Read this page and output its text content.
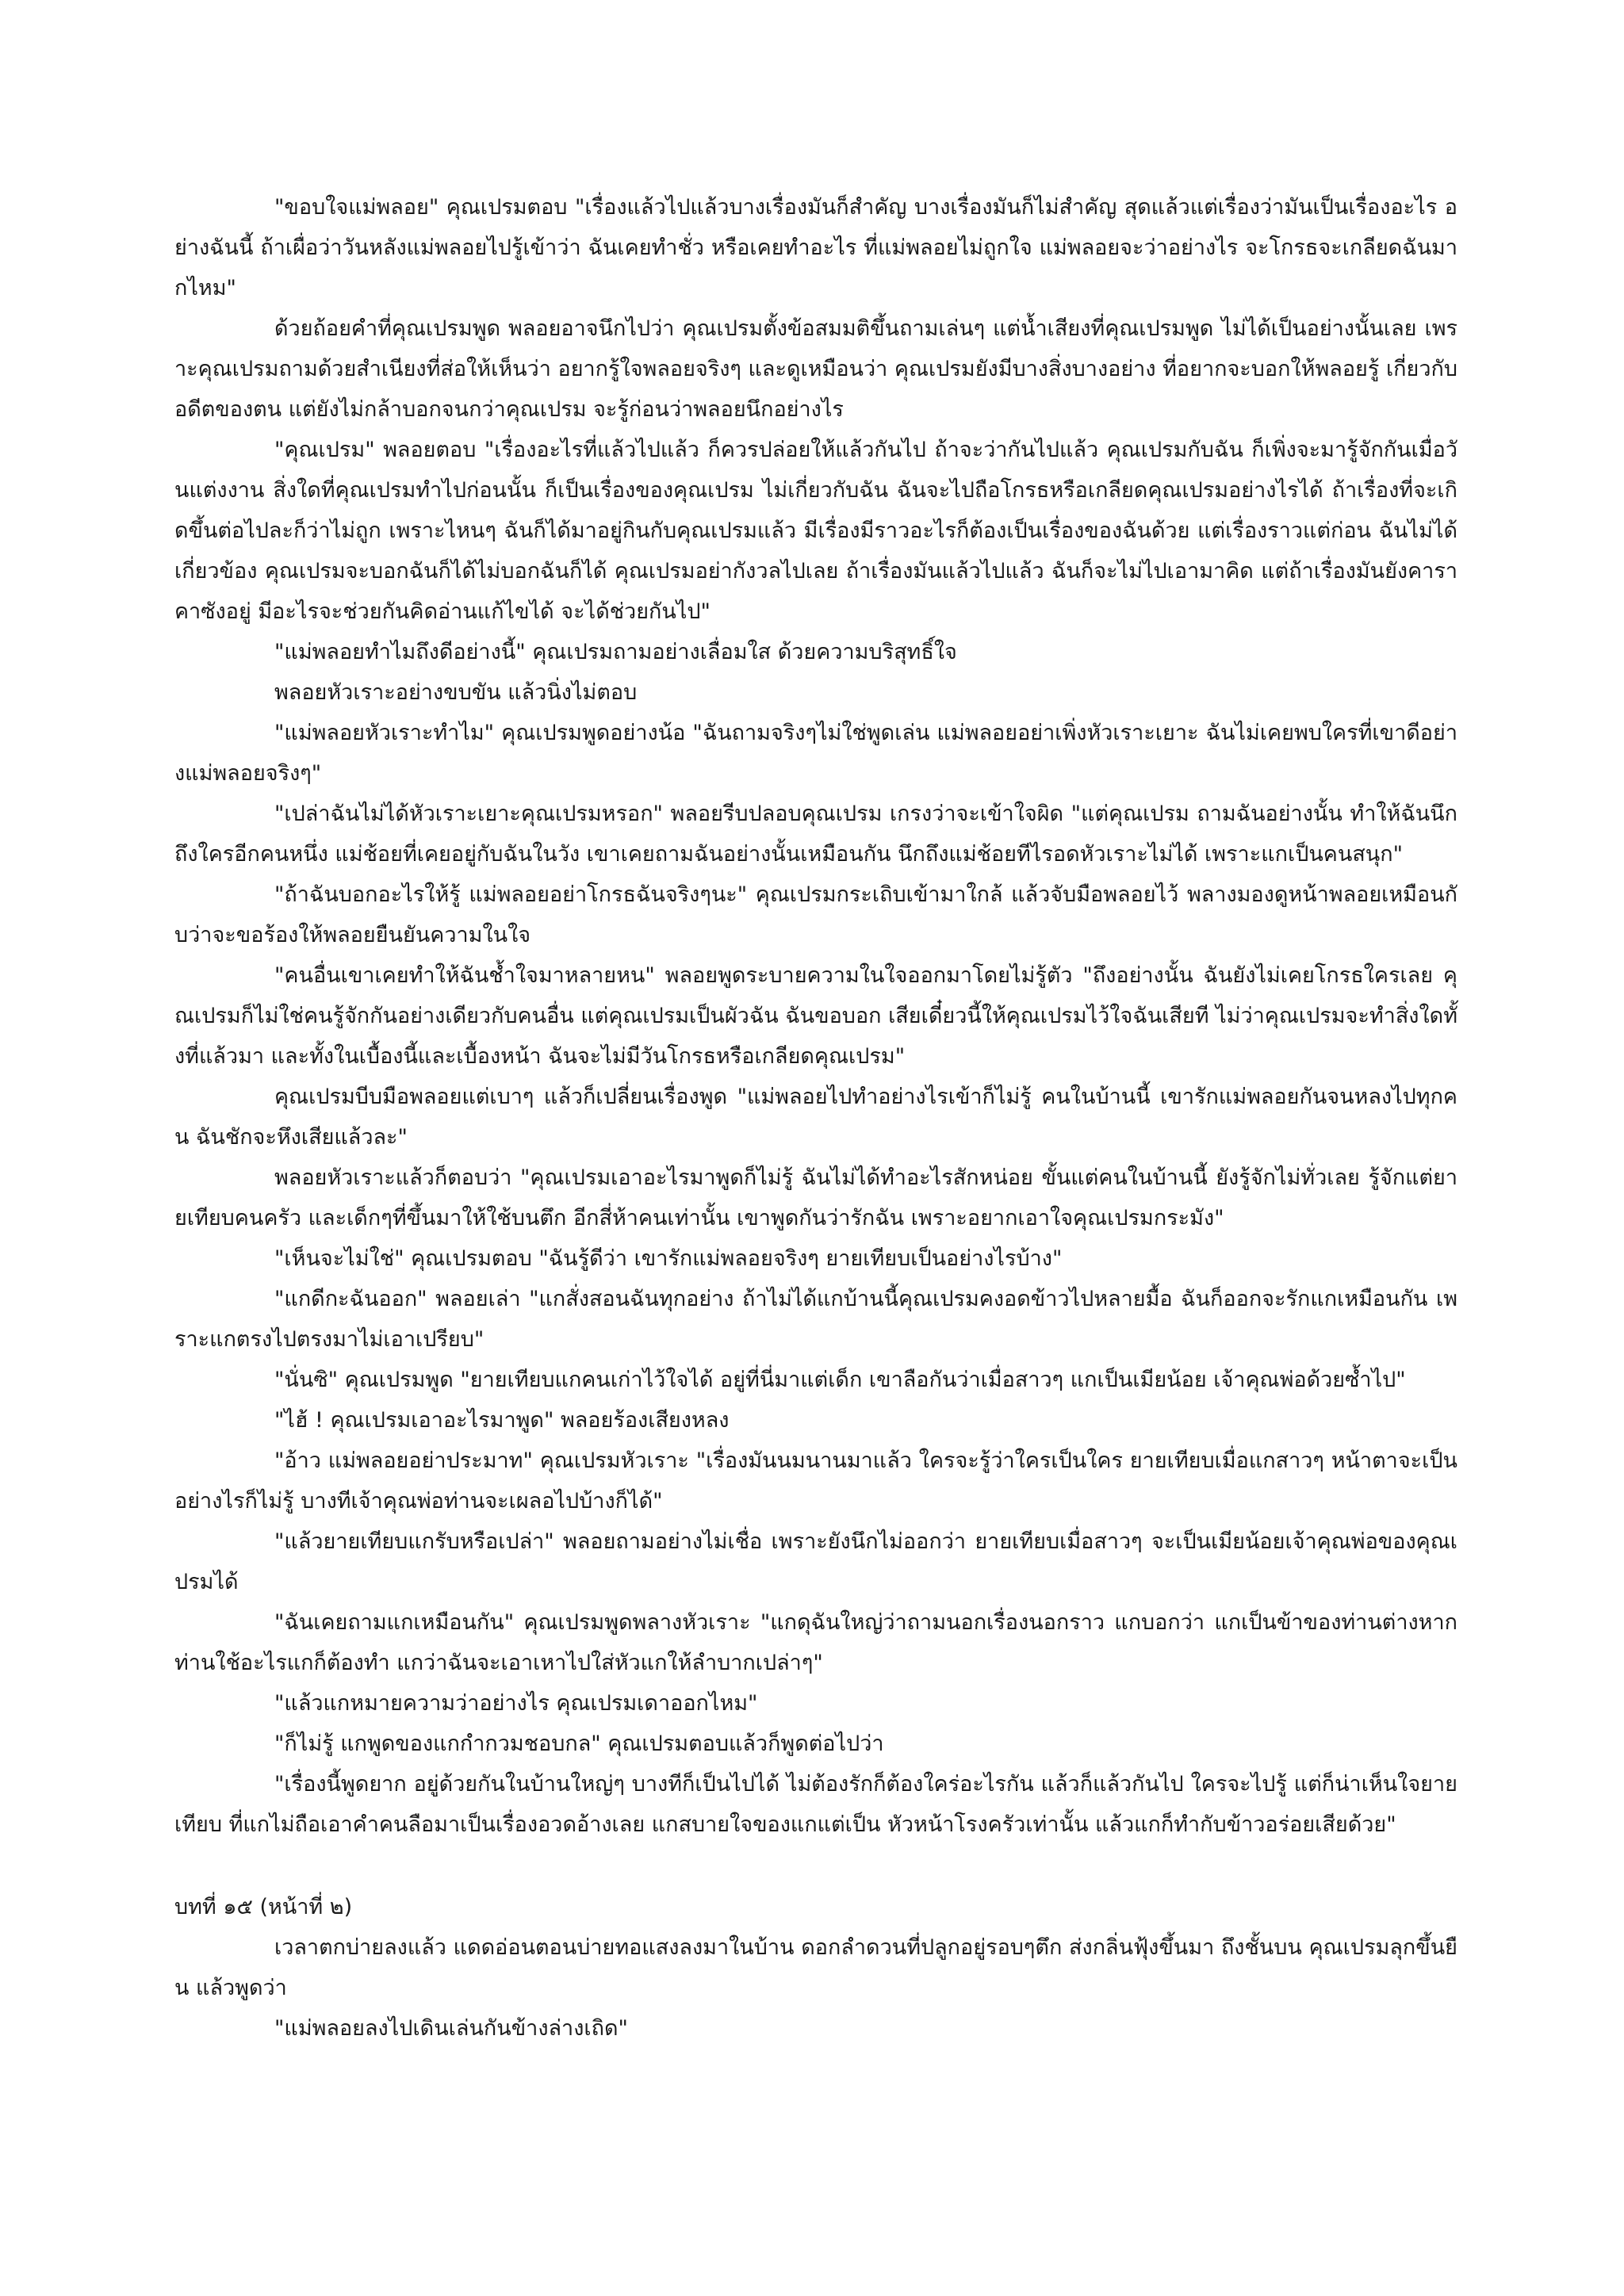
"ขอบใจแม่พลอย" คุณเปรมตอบ "เรื่องแล้วไปแล้วบางเรื่องมันก็สำคัญ บางเรื่องมันก็ไม่สำคัญ สุดแล้วแต่เรื่องว่ามันเป็นเรื่องอะไร อย่างฉันนี้ ถ้าเผื่อว่าวันหลังแม่พลอยไปรู้เข้าว่า ฉันเคยทำชั่ว หรือเคยทำอะไร ที่แม่พลอยไม่ถูกใจ แม่พลอยจะว่าอย่างไร จะโกรธจะเกลียดฉันมากไหม"

ด้วยถ้อยคำที่คุณเปรมพูด พลอยอาจนึกไปว่า คุณเปรมตั้งข้อสมมติขึ้นถามเล่นๆ แต่น้ำเสียงที่คุณเปรมพูด ไม่ได้เป็นอย่างนั้นเลย เพราะคุณเปรมถามด้วยสำเนียงที่ส่อให้เห็นว่า อยากรู้ใจพลอยจริงๆ และดูเหมือนว่า คุณเปรมยังมีบางสิ่งบางอย่าง ที่อยากจะบอกให้พลอยรู้ เกี่ยวกับอดีตของตน แต่ยังไม่กล้าบอกจนกว่าคุณเปรม จะรู้ก่อนว่าพลอยนึกอย่างไร

"คุณเปรม" พลอยตอบ "เรื่องอะไรที่แล้วไปแล้ว ก็ควรปล่อยให้แล้วกันไป ถ้าจะว่ากันไปแล้ว คุณเปรมกับฉัน ก็เพิ่งจะมารู้จักกันเมื่อวันแต่งงาน สิ่งใดที่คุณเปรมทำไปก่อนนั้น ก็เป็นเรื่องของคุณเปรม ไม่เกี่ยวกับฉัน ฉันจะไปถือโกรธหรือเกลียดคุณเปรมอย่างไรได้ ถ้าเรื่องที่จะเกิดขึ้นต่อไปละก็ว่าไม่ถูก เพราะไหนๆ ฉันก็ได้มาอยู่กินกับคุณเปรมแล้ว มีเรื่องมีราวอะไรก็ต้องเป็นเรื่องของฉันด้วย แต่เรื่องราวแต่ก่อน ฉันไม่ได้เกี่ยวข้อง คุณเปรมจะบอกฉันก็ได้ไม่บอกฉันก็ได้ คุณเปรมอย่ากังวลไปเลย ถ้าเรื่องมันแล้วไปแล้ว ฉันก็จะไม่ไปเอามาคิด แต่ถ้าเรื่องมันยังคาราคาซังอยู่ มีอะไรจะช่วยกันคิดอ่านแก้ไขได้ จะได้ช่วยกันไป"

"แม่พลอยทำไมถึงดีอย่างนี้" คุณเปรมถามอย่างเลื่อมใส ด้วยความบริสุทธิ์ใจ

พลอยหัวเราะอย่างขบขัน แล้วนิ่งไม่ตอบ

"แม่พลอยหัวเราะทำไม" คุณเปรมพูดอย่างน้อ "ฉันถามจริงๆไม่ใช่พูดเล่น แม่พลอยอย่าเพิ่งหัวเราะเยาะ ฉันไม่เคยพบใครที่เขาดีอย่างแม่พลอยจริงๆ"

"เปล่าฉันไม่ได้หัวเราะเยาะคุณเปรมหรอก" พลอยรีบปลอบคุณเปรม เกรงว่าจะเข้าใจผิด "แต่คุณเปรม ถามฉันอย่างนั้น ทำให้ฉันนึกถึงใครอีกคนหนึ่ง แม่ช้อยที่เคยอยู่กับฉันในวัง เขาเคยถามฉันอย่างนั้นเหมือนกัน นึกถึงแม่ช้อยทีไรอดหัวเราะไม่ได้ เพราะแกเป็นคนสนุก"

"ถ้าฉันบอกอะไรให้รู้ แม่พลอยอย่าโกรธฉันจริงๆนะ" คุณเปรมกระเถิบเข้ามาใกล้ แล้วจับมือพลอยไว้ พลางมองดูหน้าพลอยเหมือนกับว่าจะขอร้องให้พลอยยืนยันความในใจ

"คนอื่นเขาเคยทำให้ฉันช้ำใจมาหลายหน" พลอยพูดระบายความในใจออกมาโดยไม่รู้ตัว "ถึงอย่างนั้น ฉันยังไม่เคยโกรธใครเลย คุณเปรมก็ไม่ใช่คนรู้จักกันอย่างเดียวกับคนอื่น แต่คุณเปรมเป็นผัวฉัน ฉันขอบอก เสียเดี๋ยวนี้ให้คุณเปรมไว้ใจฉันเสียที ไม่ว่าคุณเปรมจะทำสิ่งใดทั้งที่แล้วมา และทั้งในเบื้องนี้และเบื้องหน้า ฉันจะไม่มีวันโกรธหรือเกลียดคุณเปรม"

คุณเปรมบีบมือพลอยแต่เบาๆ แล้วก็เปลี่ยนเรื่องพูด "แม่พลอยไปทำอย่างไรเข้าก็ไม่รู้ คนในบ้านนี้ เขารักแม่พลอยกันจนหลงไปทุกคน ฉันชักจะหึงเสียแล้วละ"

พลอยหัวเราะแล้วก็ตอบว่า "คุณเปรมเอาอะไรมาพูดก็ไม่รู้ ฉันไม่ได้ทำอะไรสักหน่อย ขั้นแต่คนในบ้านนี้ ยังรู้จักไม่ทั่วเลย รู้จักแต่ยายเทียบคนครัว และเด็กๆที่ขึ้นมาให้ใช้บนตึก อีกสี่ห้าคนเท่านั้น เขาพูดกันว่ารักฉัน เพราะอยากเอาใจคุณเปรมกระมัง"

"เห็นจะไม่ใช่" คุณเปรมตอบ "ฉันรู้ดีว่า เขารักแม่พลอยจริงๆ ยายเทียบเป็นอย่างไรบ้าง"

"แกดีกะฉันออก" พลอยเล่า "แกสั่งสอนฉันทุกอย่าง ถ้าไม่ได้แกบ้านนี้คุณเปรมคงอดข้าวไปหลายมื้อ ฉันก็ออกจะรักแกเหมือนกัน เพราะแกตรงไปตรงมาไม่เอาเปรียบ"

"นั่นซิ" คุณเปรมพูด "ยายเทียบแกคนเก่าไว้ใจได้ อยู่ที่นี่มาแต่เด็ก เขาลือกันว่าเมื่อสาวๆ แกเป็นเมียน้อย เจ้าคุณพ่อด้วยซ้ำไป"

"ไฮ้ ! คุณเปรมเอาอะไรมาพูด" พลอยร้องเสียงหลง

"อ้าว แม่พลอยอย่าประมาท" คุณเปรมหัวเราะ "เรื่องมันนมนานมาแล้ว ใครจะรู้ว่าใครเป็นใคร ยายเทียบเมื่อแกสาวๆ หน้าตาจะเป็นอย่างไรก็ไม่รู้ บางทีเจ้าคุณพ่อท่านจะเผลอไปบ้างก็ได้"

"แล้วยายเทียบแกรับหรือเปล่า" พลอยถามอย่างไม่เชื่อ เพราะยังนึกไม่ออกว่า ยายเทียบเมื่อสาวๆ จะเป็นเมียน้อยเจ้าคุณพ่อของคุณเปรมได้

"ฉันเคยถามแกเหมือนกัน" คุณเปรมพูดพลางหัวเราะ "แกดุฉันใหญ่ว่าถามนอกเรื่องนอกราว แกบอกว่า แกเป็นข้าของท่านต่างหาก ท่านใช้อะไรแกก็ต้องทำ แกว่าฉันจะเอาเหาไปใส่หัวแกให้ลำบากเปล่าๆ"

"แล้วแกหมายความว่าอย่างไร คุณเปรมเดาออกไหม"

"ก็ไม่รู้ แกพูดของแกกำกวมชอบกล" คุณเปรมตอบแล้วก็พูดต่อไปว่า

"เรื่องนี้พูดยาก อยู่ด้วยกันในบ้านใหญ่ๆ บางทีก็เป็นไปได้ ไม่ต้องรักก็ต้องใคร่อะไรกัน แล้วก็แล้วกันไป ใครจะไปรู้ แต่ก็น่าเห็นใจยายเทียบ ที่แกไม่ถือเอาคำคนลือมาเป็นเรื่องอวดอ้างเลย แกสบายใจของแกแต่เป็น หัวหน้าโรงครัวเท่านั้น แล้วแกก็ทำกับข้าวอร่อยเสียด้วย"

บทที่ ๑๕ (หน้าที่ ๒)

เวลาตกบ่ายลงแล้ว แดดอ่อนตอนบ่ายทอแสงลงมาในบ้าน ดอกลำดวนที่ปลูกอยู่รอบๆตึก ส่งกลิ่นฟุ้งขึ้นมา ถึงชั้นบน คุณเปรมลุกขึ้นยืน แล้วพูดว่า

"แม่พลอยลงไปเดินเล่นกันข้างล่างเถิด"
